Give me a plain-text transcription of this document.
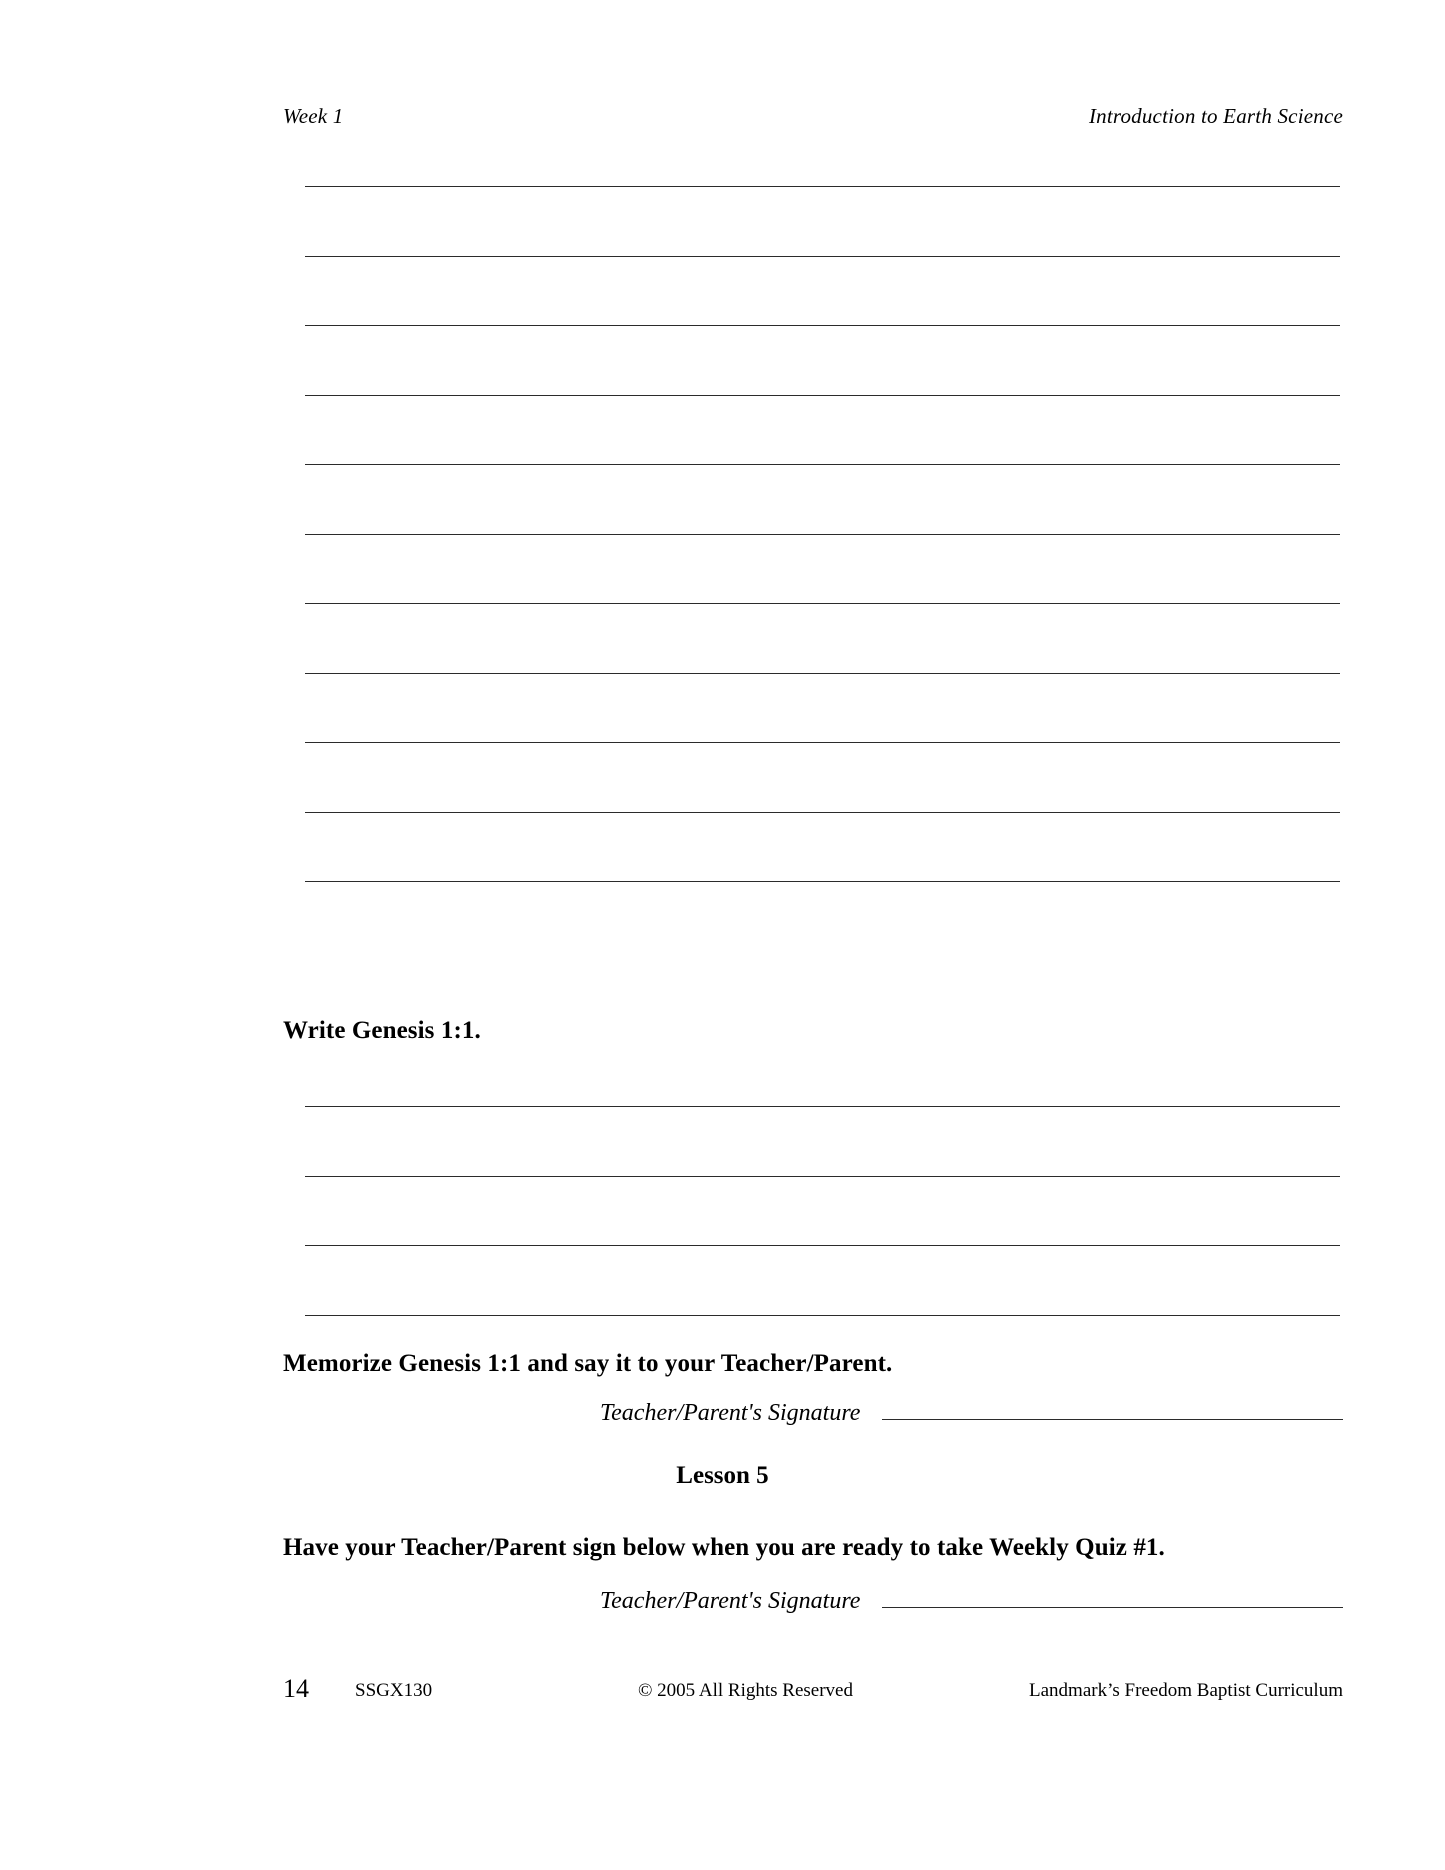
Week 1	Introduction to Earth Science
Write Genesis 1:1.
Memorize Genesis 1:1 and say it to your Teacher/Parent.
Teacher/Parent's Signature
Lesson 5
Have your Teacher/Parent sign below when you are ready to take Weekly Quiz #1.
Teacher/Parent's Signature
14 SSGX130	© 2005 All Rights Reserved	Landmark’s Freedom Baptist Curriculum
